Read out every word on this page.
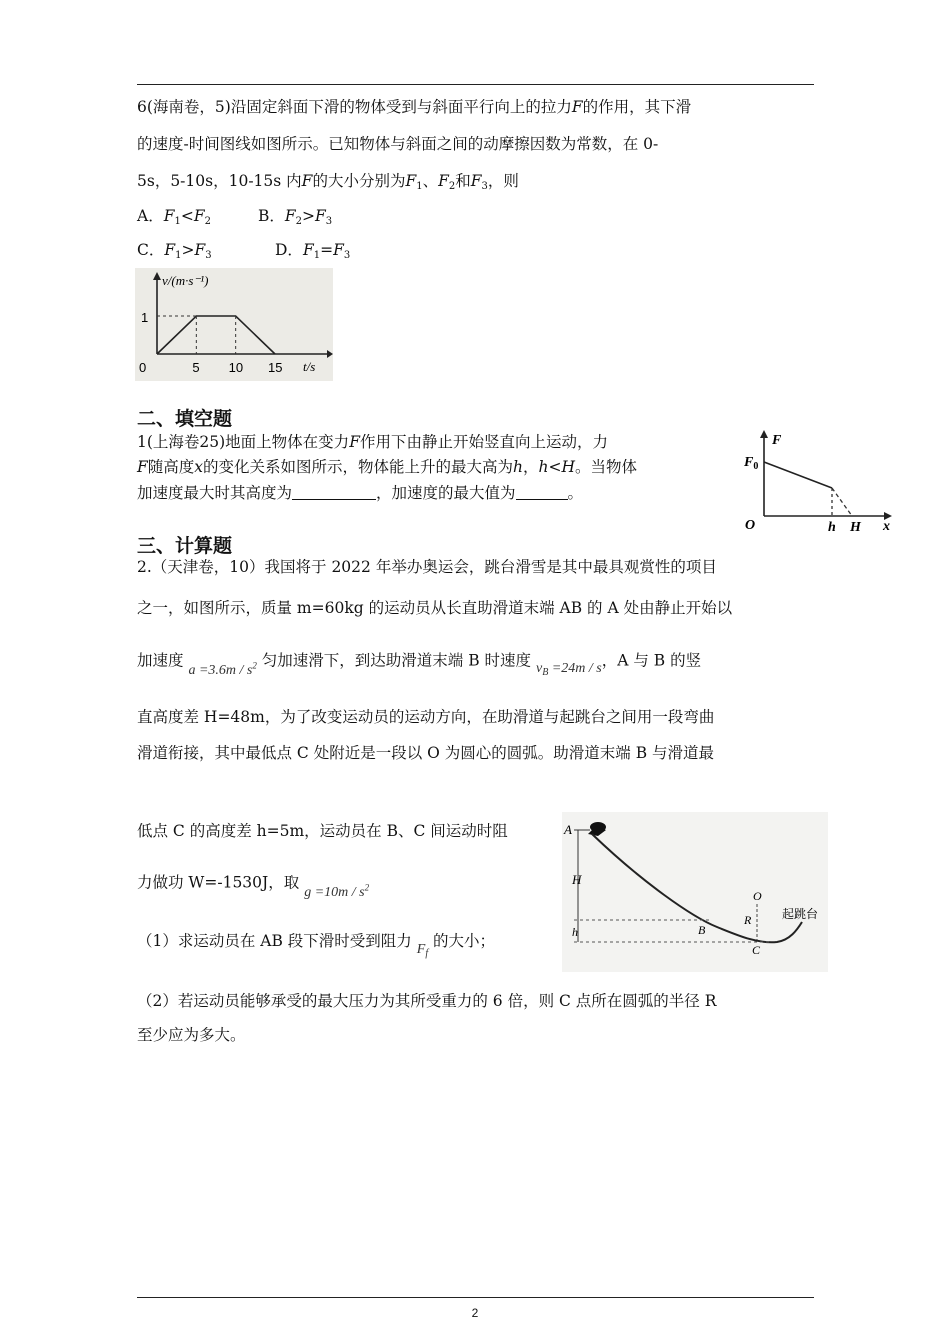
6(海南卷，5)沿固定斜面下滑的物体受到与斜面平行向上的拉力F的作用，其下滑
的速度-时间图线如图所示。已知物体与斜面之间的动摩擦因数为常数，在 0-
5s，5-10s，10-15s 内F的大小分别为$F_1$、$F_2$和$F_3$，则
A．$F_1<F_2$	B．$F_2>F_3$
C．$F_1>F_3$	D．$F_1=F_3$
v/(m·s⁻¹)
t/s
1
0	5 10 15
二、填空题
1(上海卷25)地面上物体在变力F作用下由静止开始竖直向上运动，力
F随高度x的变化关系如图所示，物体能上升的最大高为h，h<H。当物体
加速度最大时其高度为	，加速度的最大值为	。
F
$F_0$
O	h H x
三、计算题
2.（天津卷，10）我国将于 2022 年举办奥运会，跳台滑雪是其中最具观赏性的项目
之一，如图所示，质量 m=60kg 的运动员从长直助滑道末端 AB 的 A 处由静止开始以
加速度 $a =3.6m / s^2$ 匀加速滑下，到达助滑道末端 B 时速度 $v_B =24m / s$，A 与 B 的竖
直高度差 H=48m，为了改变运动员的运动方向，在助滑道与起跳台之间用一段弯曲
滑道衔接，其中最低点 C 处附近是一段以 O 为圆心的圆弧。助滑道末端 B 与滑道最
低点 C 的高度差 h=5m，运动员在 B、C 间运动时阻
力做功 W=-1530J，取 $g =10m / s^2$
（1）求运动员在 AB 段下滑时受到阻力 $F_f$ 的大小；
（2）若运动员能够承受的最大压力为其所受重力的 6 倍，则 C 点所在圆弧的半径 R
至少应为多大。
A
H
h	B
C
O
R	起跳台
2
